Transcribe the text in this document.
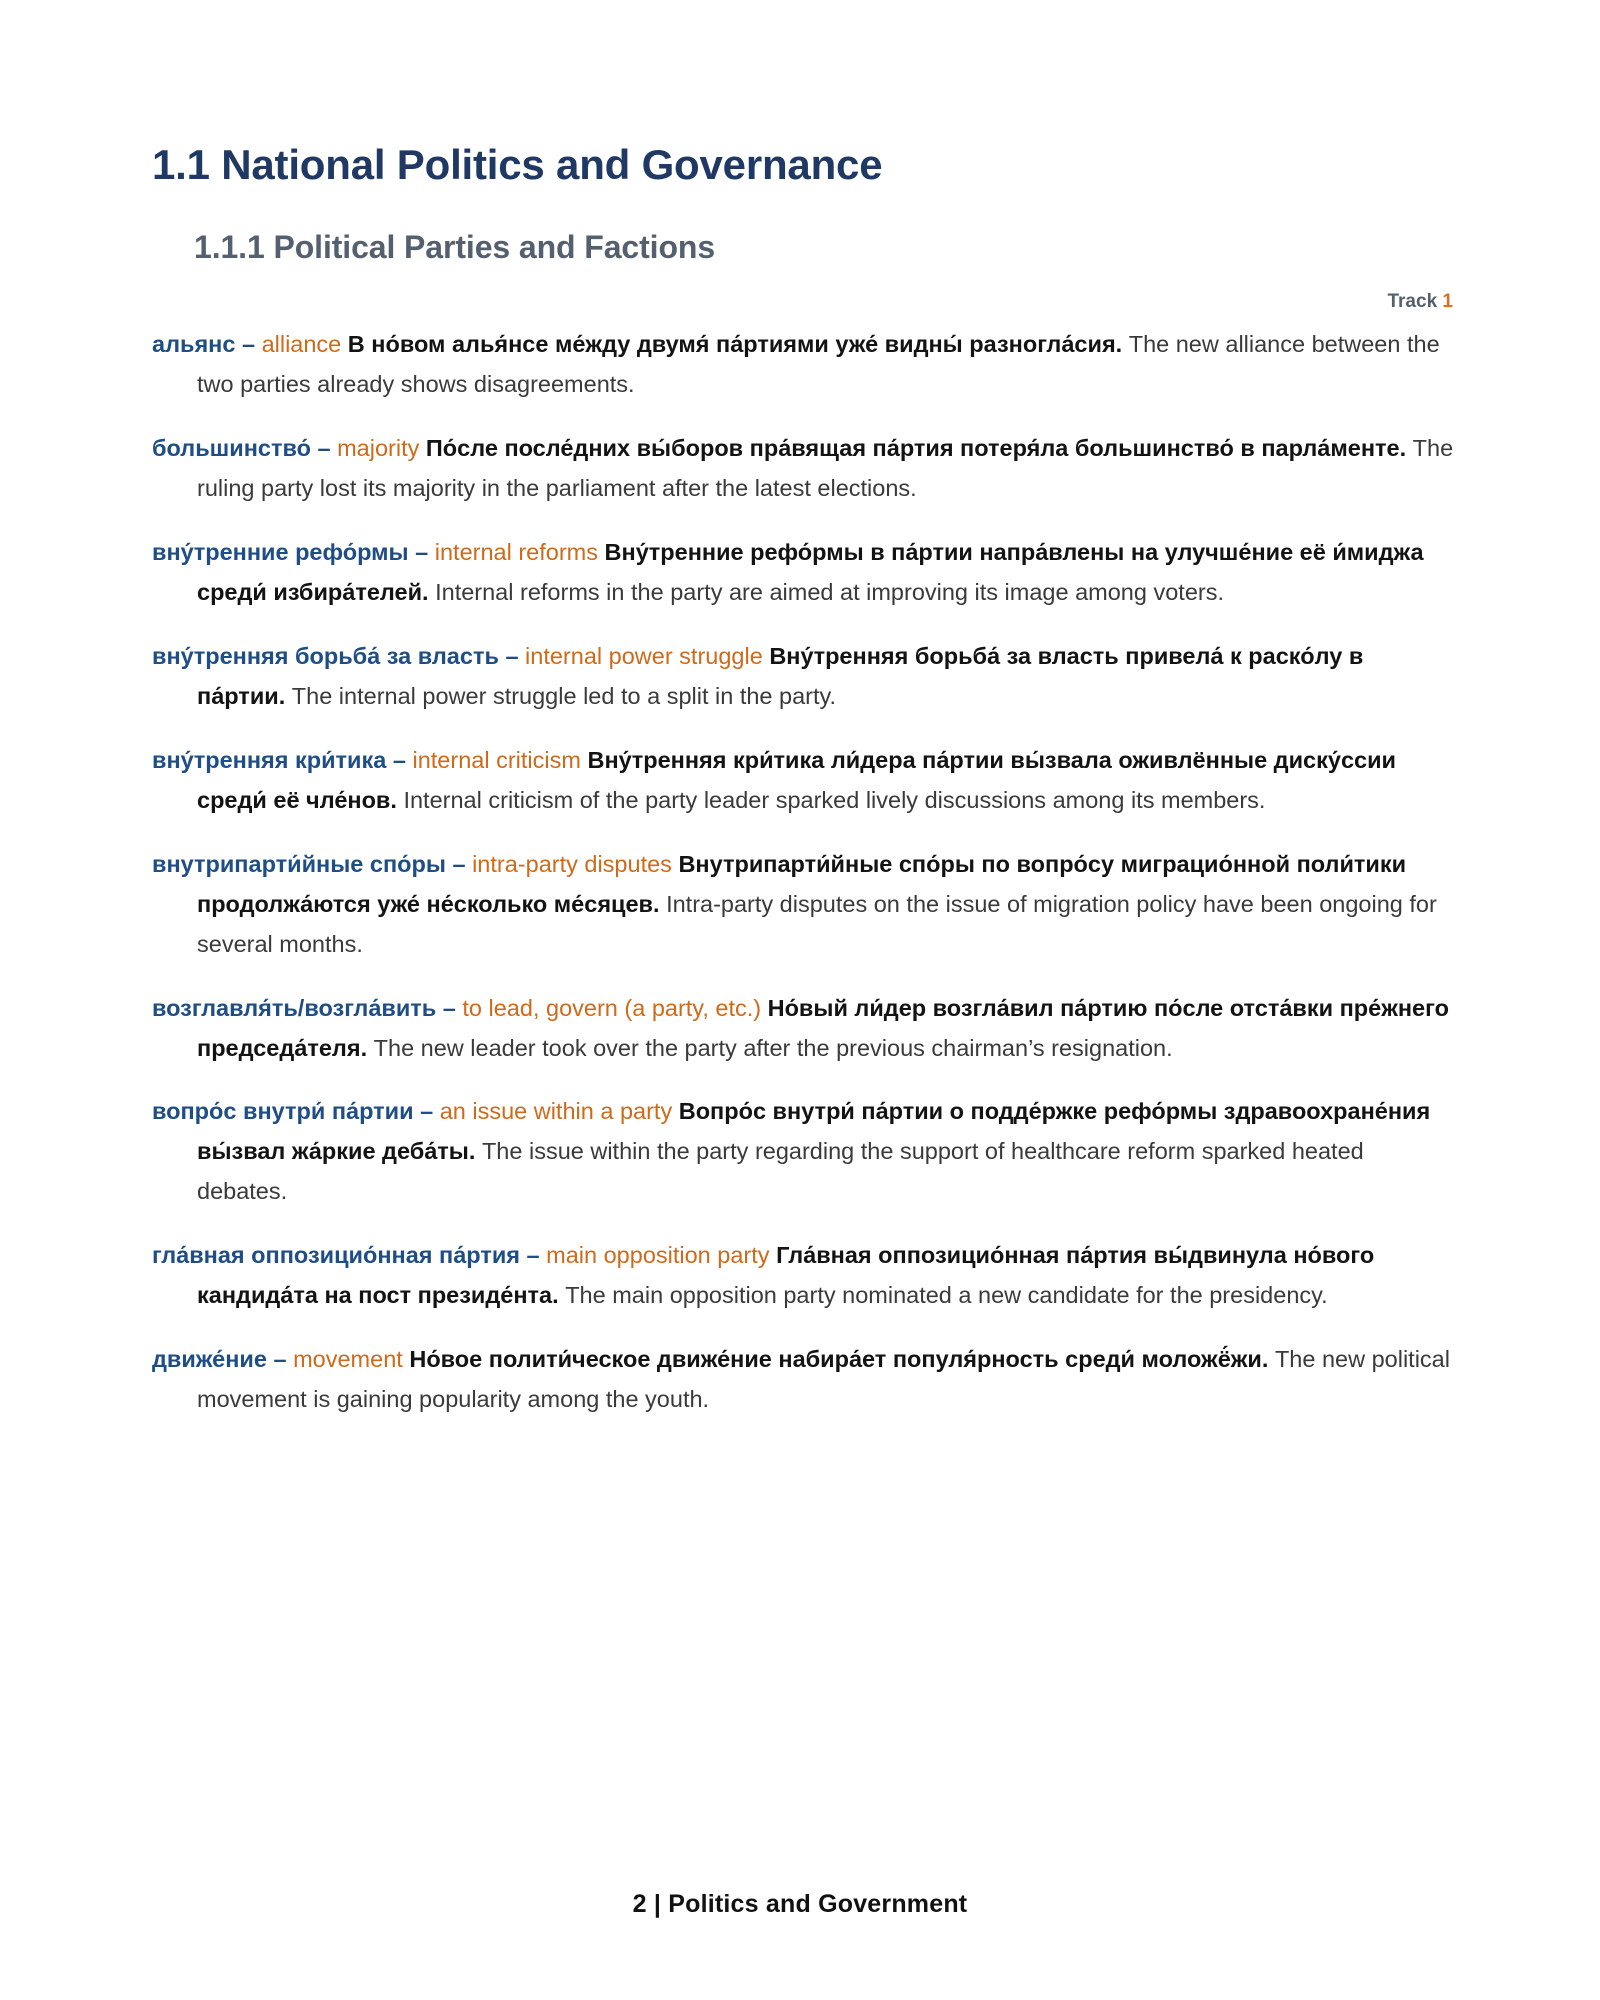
1.1 National Politics and Governance
1.1.1 Political Parties and Factions
Track 1

альянс – alliance В но́вом алья́нсе ме́жду двумя́ па́ртиями уже́ видны́ разногла́сия. The new alliance between the two parties already shows disagreements.

большинство́ – majority По́сле после́дних вы́боров пра́вящая па́ртия потеря́ла большинство́ в парла́менте. The ruling party lost its majority in the parliament after the latest elections.

вну́тренние рефо́рмы – internal reforms Вну́тренние рефо́рмы в па́ртии напра́влены на улучше́ние её и́миджа среди́ избира́телей. Internal reforms in the party are aimed at improving its image among voters.

вну́тренняя борьба́ за власть – internal power struggle Вну́тренняя борьба́ за власть привела́ к раско́лу в па́ртии. The internal power struggle led to a split in the party.

вну́тренняя кри́тика – internal criticism Вну́тренняя кри́тика ли́дера па́ртии вы́звала оживлённые диску́ссии среди́ её чле́нов. Internal criticism of the party leader sparked lively discussions among its members.

внутрипарти́йные спо́ры – intra-party disputes Внутрипарти́йные спо́ры по вопро́су миграцио́нной поли́тики продолжа́ются уже́ не́сколько ме́сяцев. Intra-party disputes on the issue of migration policy have been ongoing for several months.

возглавля́ть/возгла́вить – to lead, govern (a party, etc.) Но́вый ли́дер возгла́вил па́ртию по́сле отста́вки пре́жнего председа́теля. The new leader took over the party after the previous chairman’s resignation.

вопро́с внутри́ па́ртии – an issue within a party Вопро́с внутри́ па́ртии о подде́ржке рефо́рмы здравоохране́ния вы́звал жа́ркие деба́ты. The issue within the party regarding the support of healthcare reform sparked heated debates.

гла́вная оппозицио́нная па́ртия – main opposition party Гла́вная оппозицио́нная па́ртия вы́двинула но́вого кандида́та на пост президе́нта. The main opposition party nominated a new candidate for the presidency.

движе́ние – movement Но́вое полити́ческое движе́ние набира́ет популя́рность среди́ моложё́жи. The new political movement is gaining popularity among the youth.

2 | Politics and Government
